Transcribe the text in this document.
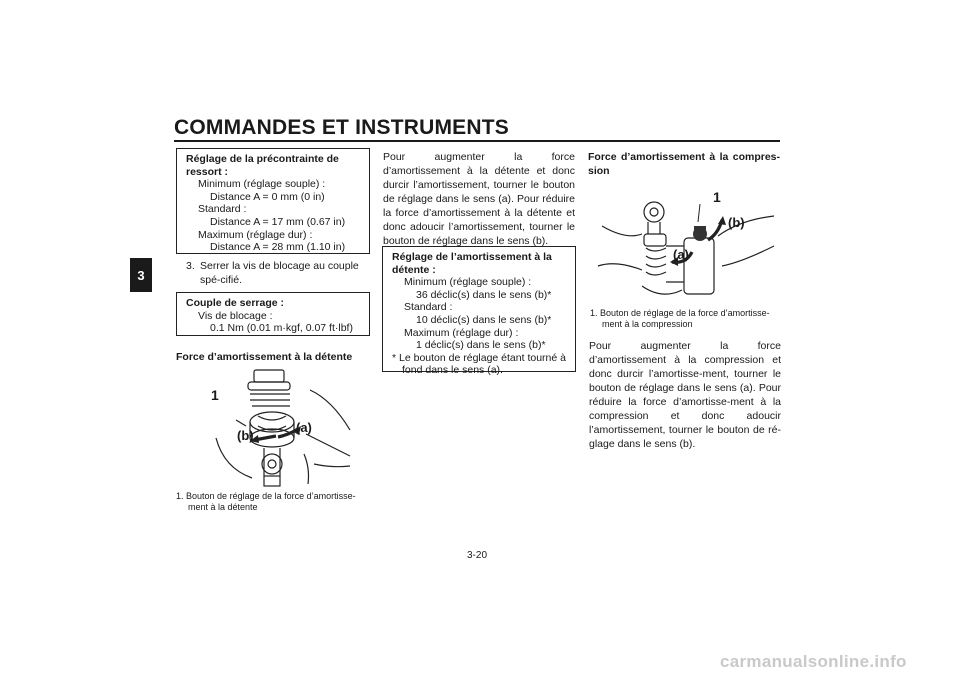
COMMANDES ET INSTRUMENTS
3
Réglage de la précontrainte de ressort :
Minimum (réglage souple) :
Distance A = 0 mm (0 in)
Standard :
Distance A = 17 mm (0.67 in)
Maximum (réglage dur) :
Distance A = 28 mm (1.10 in)
3. Serrer la vis de blocage au couple spé-cifié.
Couple de serrage :
Vis de blocage :
0.1 Nm (0.01 m·kgf, 0.07 ft·lbf)
Force d’amortissement à la détente
1
(b)
(a)
1. Bouton de réglage de la force d’amortisse-
ment à la détente
Pour augmenter la force d’amortissement à la détente et donc durcir l’amortissement, tourner le bouton de réglage dans le sens (a). Pour réduire la force d’amortissement à la détente et donc adoucir l’amortissement, tourner le bouton de réglage dans le sens (b).
Réglage de l’amortissement à la détente :
Minimum (réglage souple) :
36 déclic(s) dans le sens (b)*
Standard :
10 déclic(s) dans le sens (b)*
Maximum (réglage dur) :
1 déclic(s) dans le sens (b)*
* Le bouton de réglage étant tourné à fond dans le sens (a).
Force d’amortissement à la compres-sion
1
(b)
(a)
1. Bouton de réglage de la force d’amortisse-
ment à la compression
Pour augmenter la force d’amortissement à la compression et donc durcir l’amortisse-ment, tourner le bouton de réglage dans le sens (a). Pour réduire la force d’amortisse-ment à la compression et donc adoucir l’amortissement, tourner le bouton de ré-glage dans le sens (b).
3-20
carmanualsonline.info
